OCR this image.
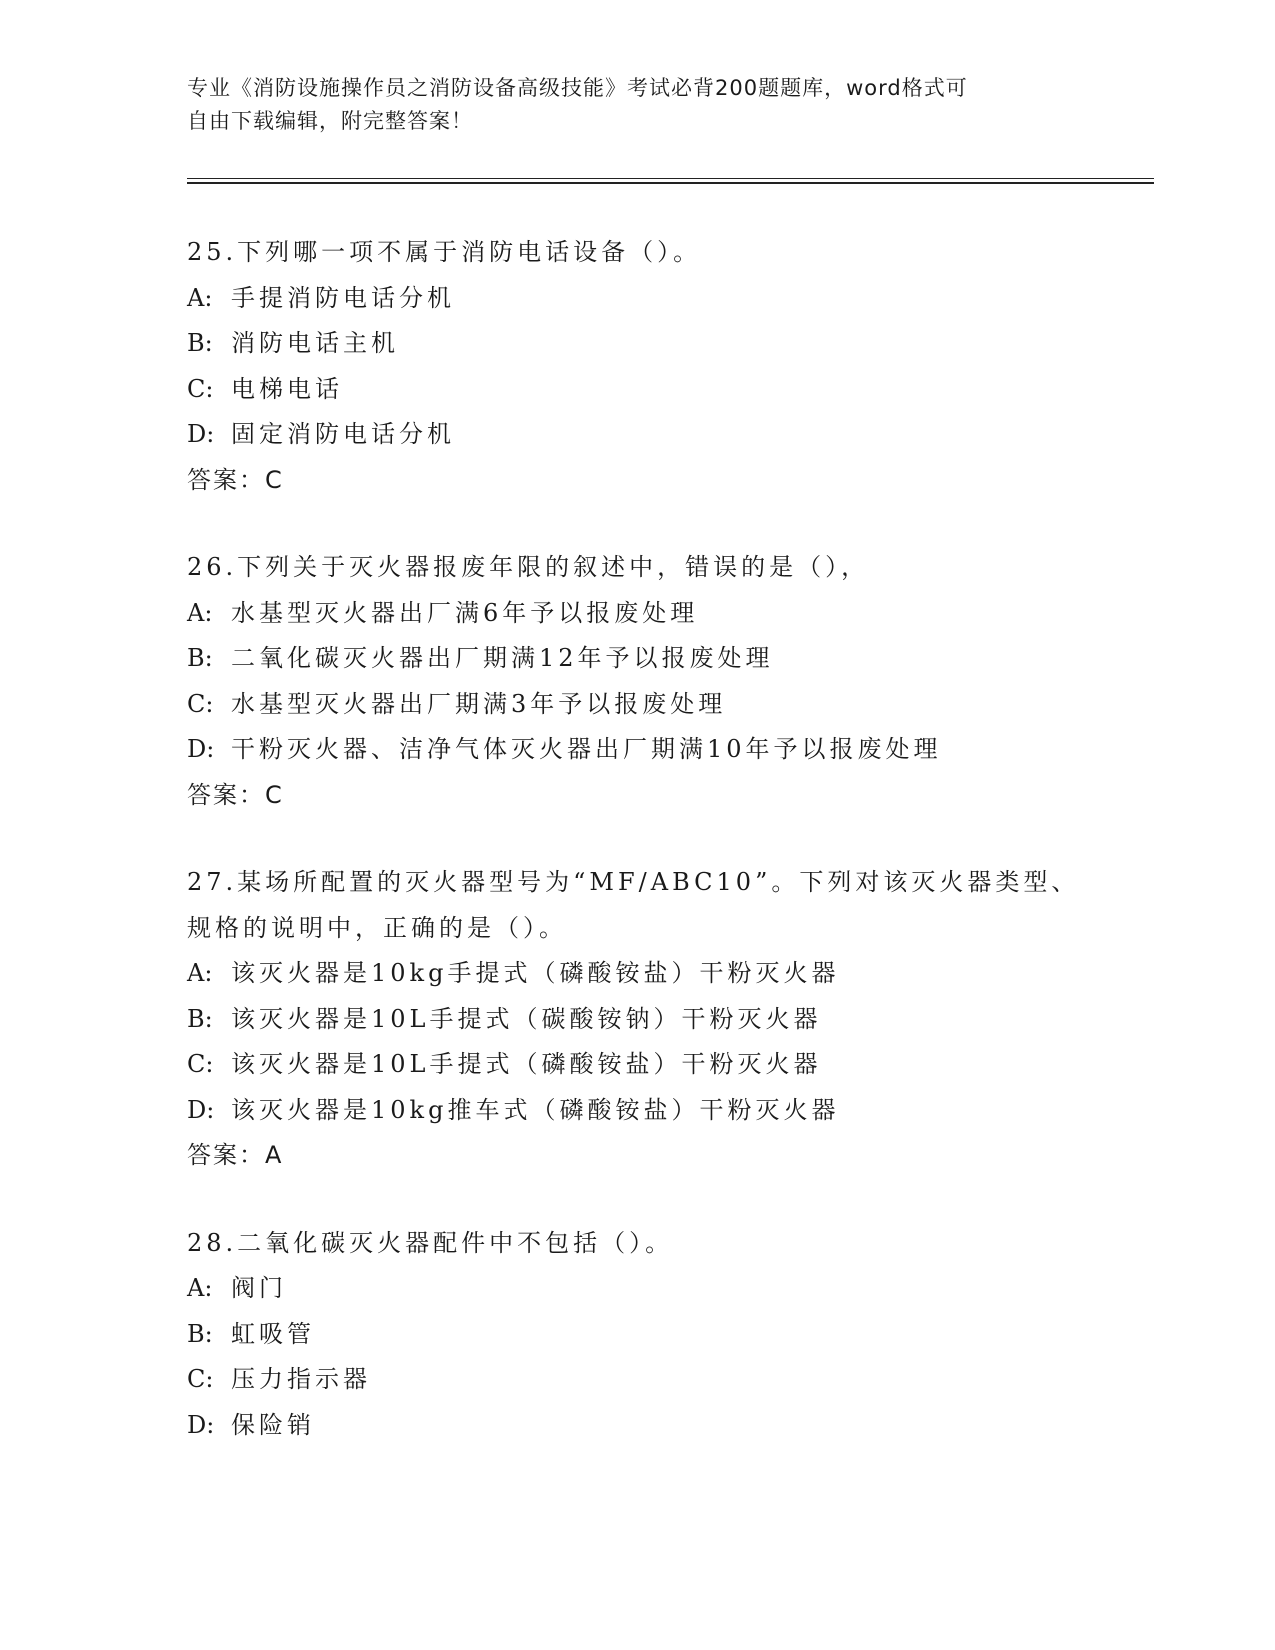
专业《消防设施操作员之消防设备高级技能》考试必背200题题库，word格式可

自由下载编辑，附完整答案！

25.下列哪一项不属于消防电话设备（）。

A: 手提消防电话分机

B: 消防电话主机

C: 电梯电话

D: 固定消防电话分机

答案：C

26.下列关于灭火器报废年限的叙述中，错误的是（），

A: 水基型灭火器出厂满6年予以报废处理

B: 二氧化碳灭火器出厂期满12年予以报废处理

C: 水基型灭火器出厂期满3年予以报废处理

D: 干粉灭火器、洁净气体灭火器出厂期满10年予以报废处理

答案：C

27.某场所配置的灭火器型号为“MF/ABC10”。下列对该灭火器类型、

规格的说明中，正确的是（）。

A: 该灭火器是10kg手提式（磷酸铵盐）干粉灭火器

B: 该灭火器是10L手提式（碳酸铵钠）干粉灭火器

C: 该灭火器是10L手提式（磷酸铵盐）干粉灭火器

D: 该灭火器是10kg推车式（磷酸铵盐）干粉灭火器

答案：A

28.二氧化碳灭火器配件中不包括（）。

A: 阀门

B: 虹吸管

C: 压力指示器

D: 保险销
